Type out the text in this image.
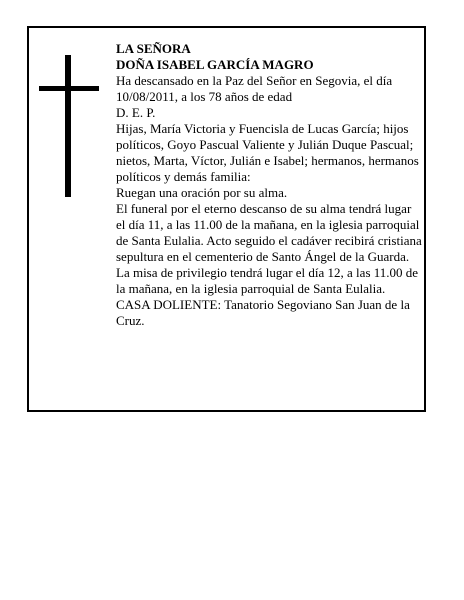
LA SEÑORA

DOÑA ISABEL GARCÍA MAGRO

Ha descansado en la Paz del Señor en Segovia, el día 10/08/2011, a los 78 años de edad

D. E. P.

Hijas, María Victoria y Fuencisla de Lucas García; hijos políticos, Goyo Pascual Valiente y Julián Duque Pascual; nietos, Marta, Víctor, Julián e Isabel; hermanos, hermanos políticos y demás familia:

Ruegan una oración por su alma.

El funeral por el eterno descanso de su alma tendrá lugar el día 11, a las 11.00 de la mañana, en la iglesia parroquial de Santa Eulalia. Acto seguido el cadáver recibirá cristiana sepultura en el cementerio de Santo Ángel de la Guarda.

La misa de privilegio tendrá lugar el día 12, a las 11.00 de la mañana, en la iglesia parroquial de Santa Eulalia.

CASA DOLIENTE: Tanatorio Segoviano San Juan de la Cruz.
